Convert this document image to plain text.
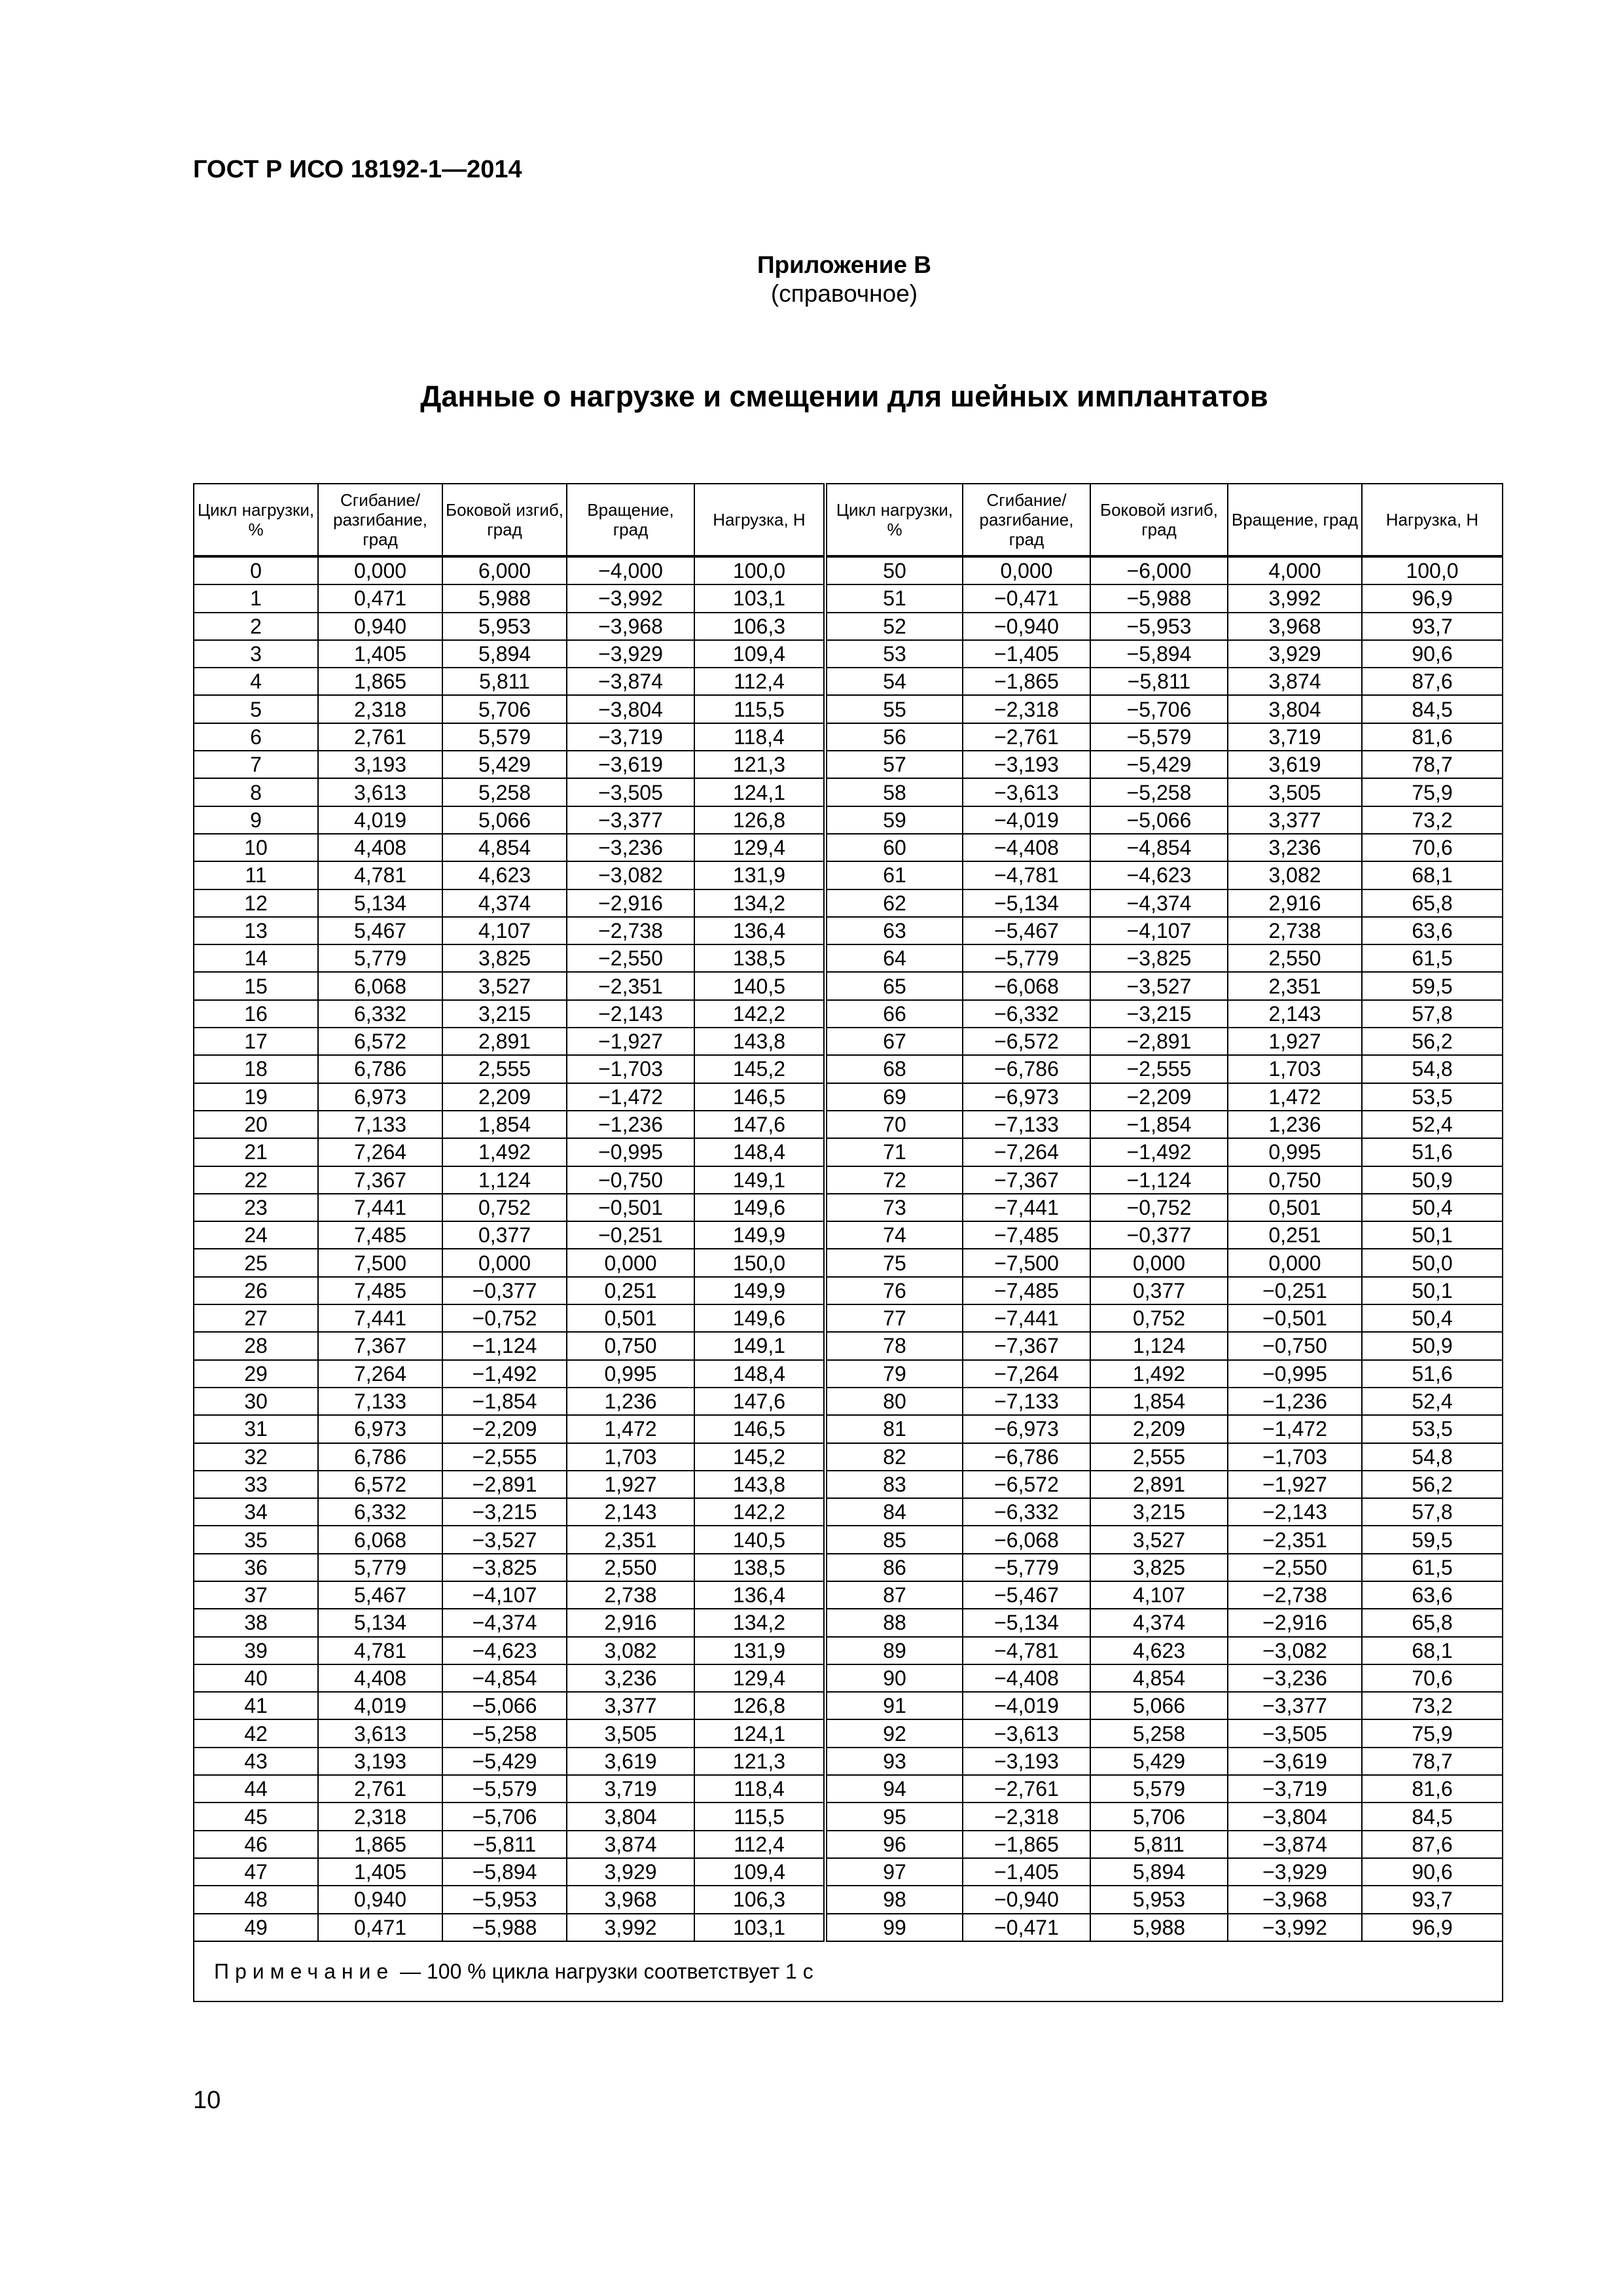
ГОСТ Р ИСО 18192-1—2014
Приложение В
(справочное)
Данные о нагрузке и смещении для шейных имплантатов
Цикл нагрузки, %	Сгибание/ разгибание, град	Боковой изгиб, град	Вращение, град	Нагрузка, Н	Цикл нагрузки, %	Сгибание/ разгибание, град	Боковой изгиб, град	Вращение, град	Нагрузка, Н
0	0,000	6,000	−4,000	100,0	50	0,000	−6,000	4,000	100,0
1	0,471	5,988	−3,992	103,1	51	−0,471	−5,988	3,992	96,9
2	0,940	5,953	−3,968	106,3	52	−0,940	−5,953	3,968	93,7
3	1,405	5,894	−3,929	109,4	53	−1,405	−5,894	3,929	90,6
4	1,865	5,811	−3,874	112,4	54	−1,865	−5,811	3,874	87,6
5	2,318	5,706	−3,804	115,5	55	−2,318	−5,706	3,804	84,5
6	2,761	5,579	−3,719	118,4	56	−2,761	−5,579	3,719	81,6
7	3,193	5,429	−3,619	121,3	57	−3,193	−5,429	3,619	78,7
8	3,613	5,258	−3,505	124,1	58	−3,613	−5,258	3,505	75,9
9	4,019	5,066	−3,377	126,8	59	−4,019	−5,066	3,377	73,2
10	4,408	4,854	−3,236	129,4	60	−4,408	−4,854	3,236	70,6
11	4,781	4,623	−3,082	131,9	61	−4,781	−4,623	3,082	68,1
12	5,134	4,374	−2,916	134,2	62	−5,134	−4,374	2,916	65,8
13	5,467	4,107	−2,738	136,4	63	−5,467	−4,107	2,738	63,6
14	5,779	3,825	−2,550	138,5	64	−5,779	−3,825	2,550	61,5
15	6,068	3,527	−2,351	140,5	65	−6,068	−3,527	2,351	59,5
16	6,332	3,215	−2,143	142,2	66	−6,332	−3,215	2,143	57,8
17	6,572	2,891	−1,927	143,8	67	−6,572	−2,891	1,927	56,2
18	6,786	2,555	−1,703	145,2	68	−6,786	−2,555	1,703	54,8
19	6,973	2,209	−1,472	146,5	69	−6,973	−2,209	1,472	53,5
20	7,133	1,854	−1,236	147,6	70	−7,133	−1,854	1,236	52,4
21	7,264	1,492	−0,995	148,4	71	−7,264	−1,492	0,995	51,6
22	7,367	1,124	−0,750	149,1	72	−7,367	−1,124	0,750	50,9
23	7,441	0,752	−0,501	149,6	73	−7,441	−0,752	0,501	50,4
24	7,485	0,377	−0,251	149,9	74	−7,485	−0,377	0,251	50,1
25	7,500	0,000	0,000	150,0	75	−7,500	0,000	0,000	50,0
26	7,485	−0,377	0,251	149,9	76	−7,485	0,377	−0,251	50,1
27	7,441	−0,752	0,501	149,6	77	−7,441	0,752	−0,501	50,4
28	7,367	−1,124	0,750	149,1	78	−7,367	1,124	−0,750	50,9
29	7,264	−1,492	0,995	148,4	79	−7,264	1,492	−0,995	51,6
30	7,133	−1,854	1,236	147,6	80	−7,133	1,854	−1,236	52,4
31	6,973	−2,209	1,472	146,5	81	−6,973	2,209	−1,472	53,5
32	6,786	−2,555	1,703	145,2	82	−6,786	2,555	−1,703	54,8
33	6,572	−2,891	1,927	143,8	83	−6,572	2,891	−1,927	56,2
34	6,332	−3,215	2,143	142,2	84	−6,332	3,215	−2,143	57,8
35	6,068	−3,527	2,351	140,5	85	−6,068	3,527	−2,351	59,5
36	5,779	−3,825	2,550	138,5	86	−5,779	3,825	−2,550	61,5
37	5,467	−4,107	2,738	136,4	87	−5,467	4,107	−2,738	63,6
38	5,134	−4,374	2,916	134,2	88	−5,134	4,374	−2,916	65,8
39	4,781	−4,623	3,082	131,9	89	−4,781	4,623	−3,082	68,1
40	4,408	−4,854	3,236	129,4	90	−4,408	4,854	−3,236	70,6
41	4,019	−5,066	3,377	126,8	91	−4,019	5,066	−3,377	73,2
42	3,613	−5,258	3,505	124,1	92	−3,613	5,258	−3,505	75,9
43	3,193	−5,429	3,619	121,3	93	−3,193	5,429	−3,619	78,7
44	2,761	−5,579	3,719	118,4	94	−2,761	5,579	−3,719	81,6
45	2,318	−5,706	3,804	115,5	95	−2,318	5,706	−3,804	84,5
46	1,865	−5,811	3,874	112,4	96	−1,865	5,811	−3,874	87,6
47	1,405	−5,894	3,929	109,4	97	−1,405	5,894	−3,929	90,6
48	0,940	−5,953	3,968	106,3	98	−0,940	5,953	−3,968	93,7
49	0,471	−5,988	3,992	103,1	99	−0,471	5,988	−3,992	96,9
Примечание — 100 % цикла нагрузки соответствует 1 с									
10
